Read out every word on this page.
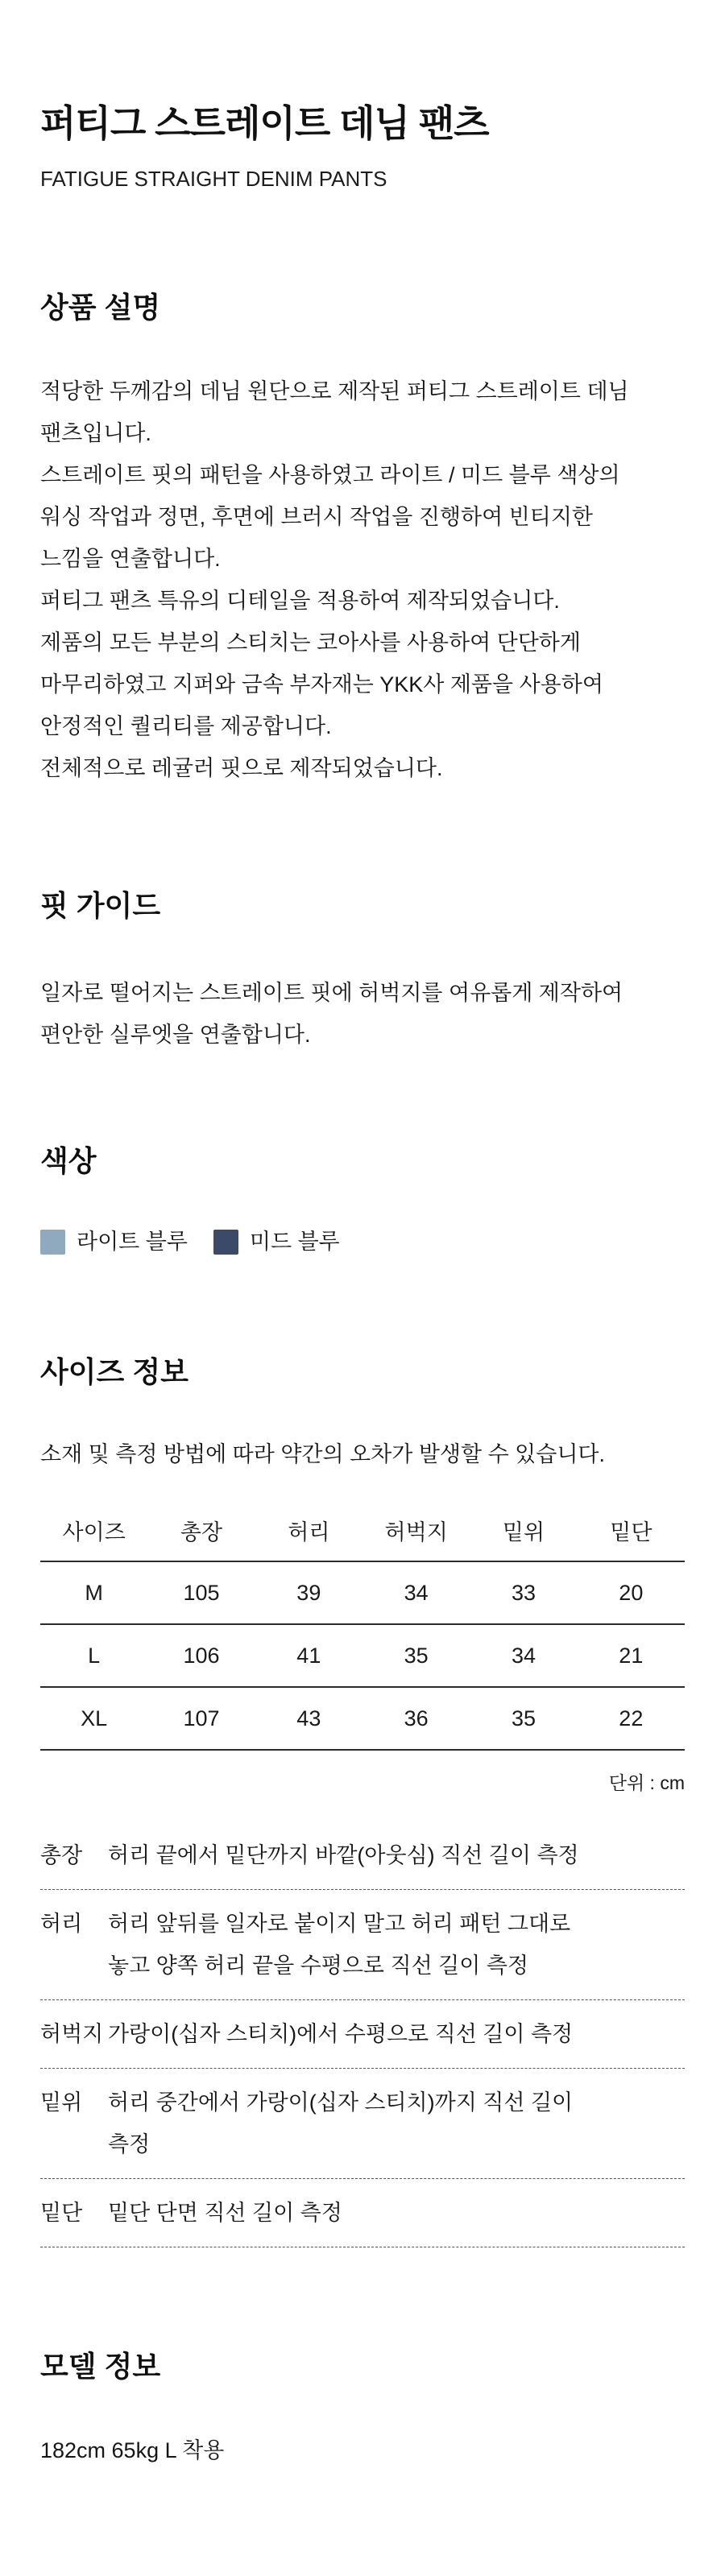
퍼티그 스트레이트 데님 팬츠
FATIGUE STRAIGHT DENIM PANTS
상품 설명
적당한 두께감의 데님 원단으로 제작된 퍼티그 스트레이트 데님
팬츠입니다.
스트레이트 핏의 패턴을 사용하였고 라이트 / 미드 블루 색상의
워싱 작업과 정면, 후면에 브러시 작업을 진행하여 빈티지한
느낌을 연출합니다.
퍼티그 팬츠 특유의 디테일을 적용하여 제작되었습니다.
제품의 모든 부분의 스티치는 코아사를 사용하여 단단하게
마무리하였고 지퍼와 금속 부자재는 YKK사 제품을 사용하여
안정적인 퀄리티를 제공합니다.
전체적으로 레귤러 핏으로 제작되었습니다.
핏 가이드
일자로 떨어지는 스트레이트 핏에 허벅지를 여유롭게 제작하여
편안한 실루엣을 연출합니다.
색상
라이트 블루	미드 블루
사이즈 정보
소재 및 측정 방법에 따라 약간의 오차가 발생할 수 있습니다.
사이즈	총장	허리	허벅지	밑위	밑단
M	105	39	34	33	20
L	106	41	35	34	21
XL	107	43	36	35	22
단위 : cm
총장	허리 끝에서 밑단까지 바깥(아웃심) 직선 길이 측정
허리	허리 앞뒤를 일자로 붙이지 말고 허리 패턴 그대로
놓고 양쪽 허리 끝을 수평으로 직선 길이 측정
허벅지 가랑이(십자 스티치)에서 수평으로 직선 길이 측정
밑위	허리 중간에서 가랑이(십자 스티치)까지 직선 길이
측정
밑단	밑단 단면 직선 길이 측정
모델 정보
182cm 65kg L 착용
